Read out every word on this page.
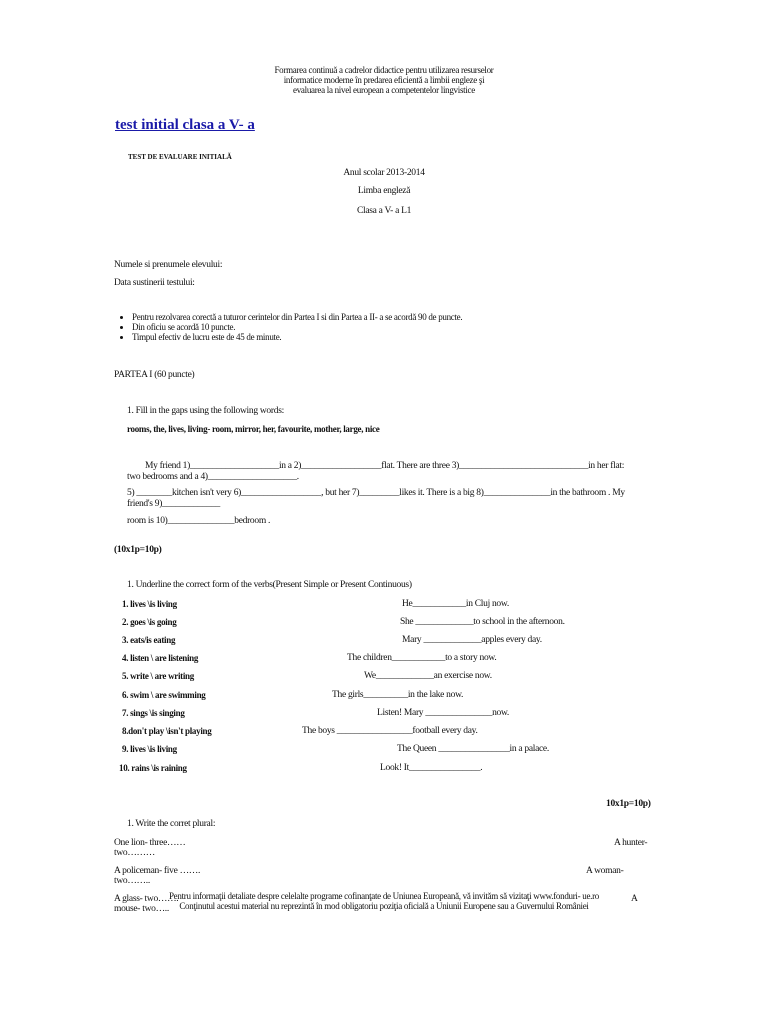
Formarea continuă a cadrelor didactice pentru utilizarea resurselor
informatice moderne în predarea eficientă a limbii engleze şi
evaluarea la nivel european a competentelor lingvistice
test initial clasa a V- a
TEST DE EVALUARE INITIALĂ
Anul scolar 2013-2014
Limba engleză
Clasa a V- a L1
Numele si prenumele elevului:
Data sustinerii testului:
• Pentru rezolvarea corectă a tuturor cerintelor din Partea I si din Partea a II- a se acordă 90 de puncte.
• Din oficiu se acordă 10 puncte.
• Timpul efectiv de lucru este de 45 de minute.
PARTEA I (60 puncte)
1. Fill in the gaps using the following words:
rooms, the, lives, living- room, mirror, her, favourite, mother, large, nice
My friend 1)____________________in a 2)__________________flat. There are three 3)_____________________________in her flat:
two bedrooms and a 4)____________________.
5) ________kitchen isn't very 6)__________________, but her 7)_________likes it. There is a big 8)_______________in the bathroom . My
friend's 9)_____________
room is 10)_______________bedroom .
(10x1p=10p)
1. Underline the correct form of the verbs(Present Simple or Present Continuous)
1. lives \is living	He____________in Cluj now.
2. goes \is going	She _____________to school in the afternoon.
3. eats/is eating	Mary _____________apples every day.
4. listen \ are listening	The children____________to a story now.
5. write \ are writing	We_____________an exercise now.
6. swim \ are swimming	The girls__________in the lake now.
7. sings \is singing	Listen! Mary _______________now.
8.don't play \isn't playing	The boys _________________football every day.
9. lives \is living	The Queen ________________in a palace.
10. rains \is raining	Look! It________________.
10x1p=10p)
1. Write the corret plural:
One lion- three……	A hunter-
two………
A policeman- five …….	A woman-
two……..
A glass- two…….	A
mouse- two…..
Pentru informaţii detaliate despre celelalte programe cofinanţate de Uniunea Europeană, vă invităm să vizitaţi www.fonduri- ue.ro
Conţinutul acestui material nu reprezintă în mod obligatoriu poziţia oficială a Uniunii Europene sau a Guvernului României
